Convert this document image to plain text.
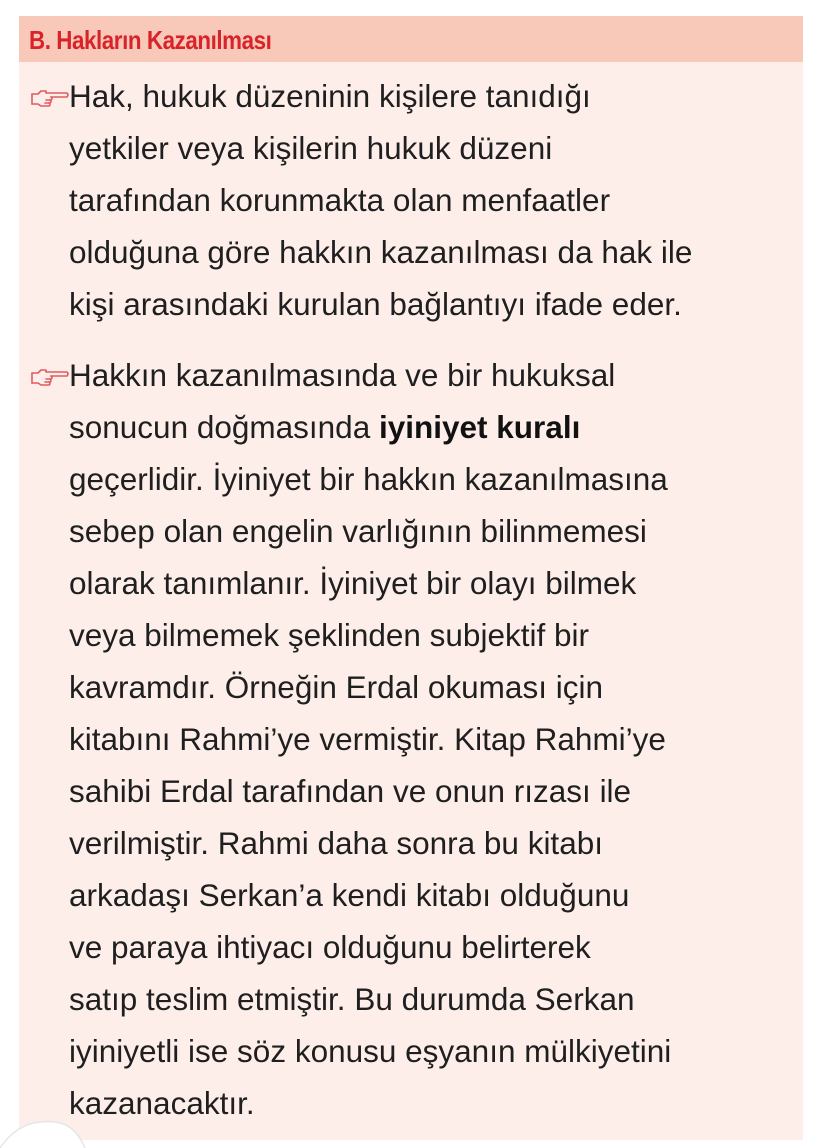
B. Hakların Kazanılması
Hak, hukuk düzeninin kişilere tanıdığı
yetkiler veya kişilerin hukuk düzeni
tarafından korunmakta olan menfaatler
olduğuna göre hakkın kazanılması da hak ile
kişi arasındaki kurulan bağlantıyı ifade eder.
Hakkın kazanılmasında ve bir hukuksal
sonucun doğmasında iyiniyet kuralı
geçerlidir. İyiniyet bir hakkın kazanılmasına
sebep olan engelin varlığının bilinmemesi
olarak tanımlanır. İyiniyet bir olayı bilmek
veya bilmemek şeklinden subjektif bir
kavramdır. Örneğin Erdal okuması için
kitabını Rahmi’ye vermiştir. Kitap Rahmi’ye
sahibi Erdal tarafından ve onun rızası ile
verilmiştir. Rahmi daha sonra bu kitabı
arkadaşı Serkan’a kendi kitabı olduğunu
ve paraya ihtiyacı olduğunu belirterek
satıp teslim etmiştir. Bu durumda Serkan
iyiniyetli ise söz konusu eşyanın mülkiyetini
kazanacaktır.
